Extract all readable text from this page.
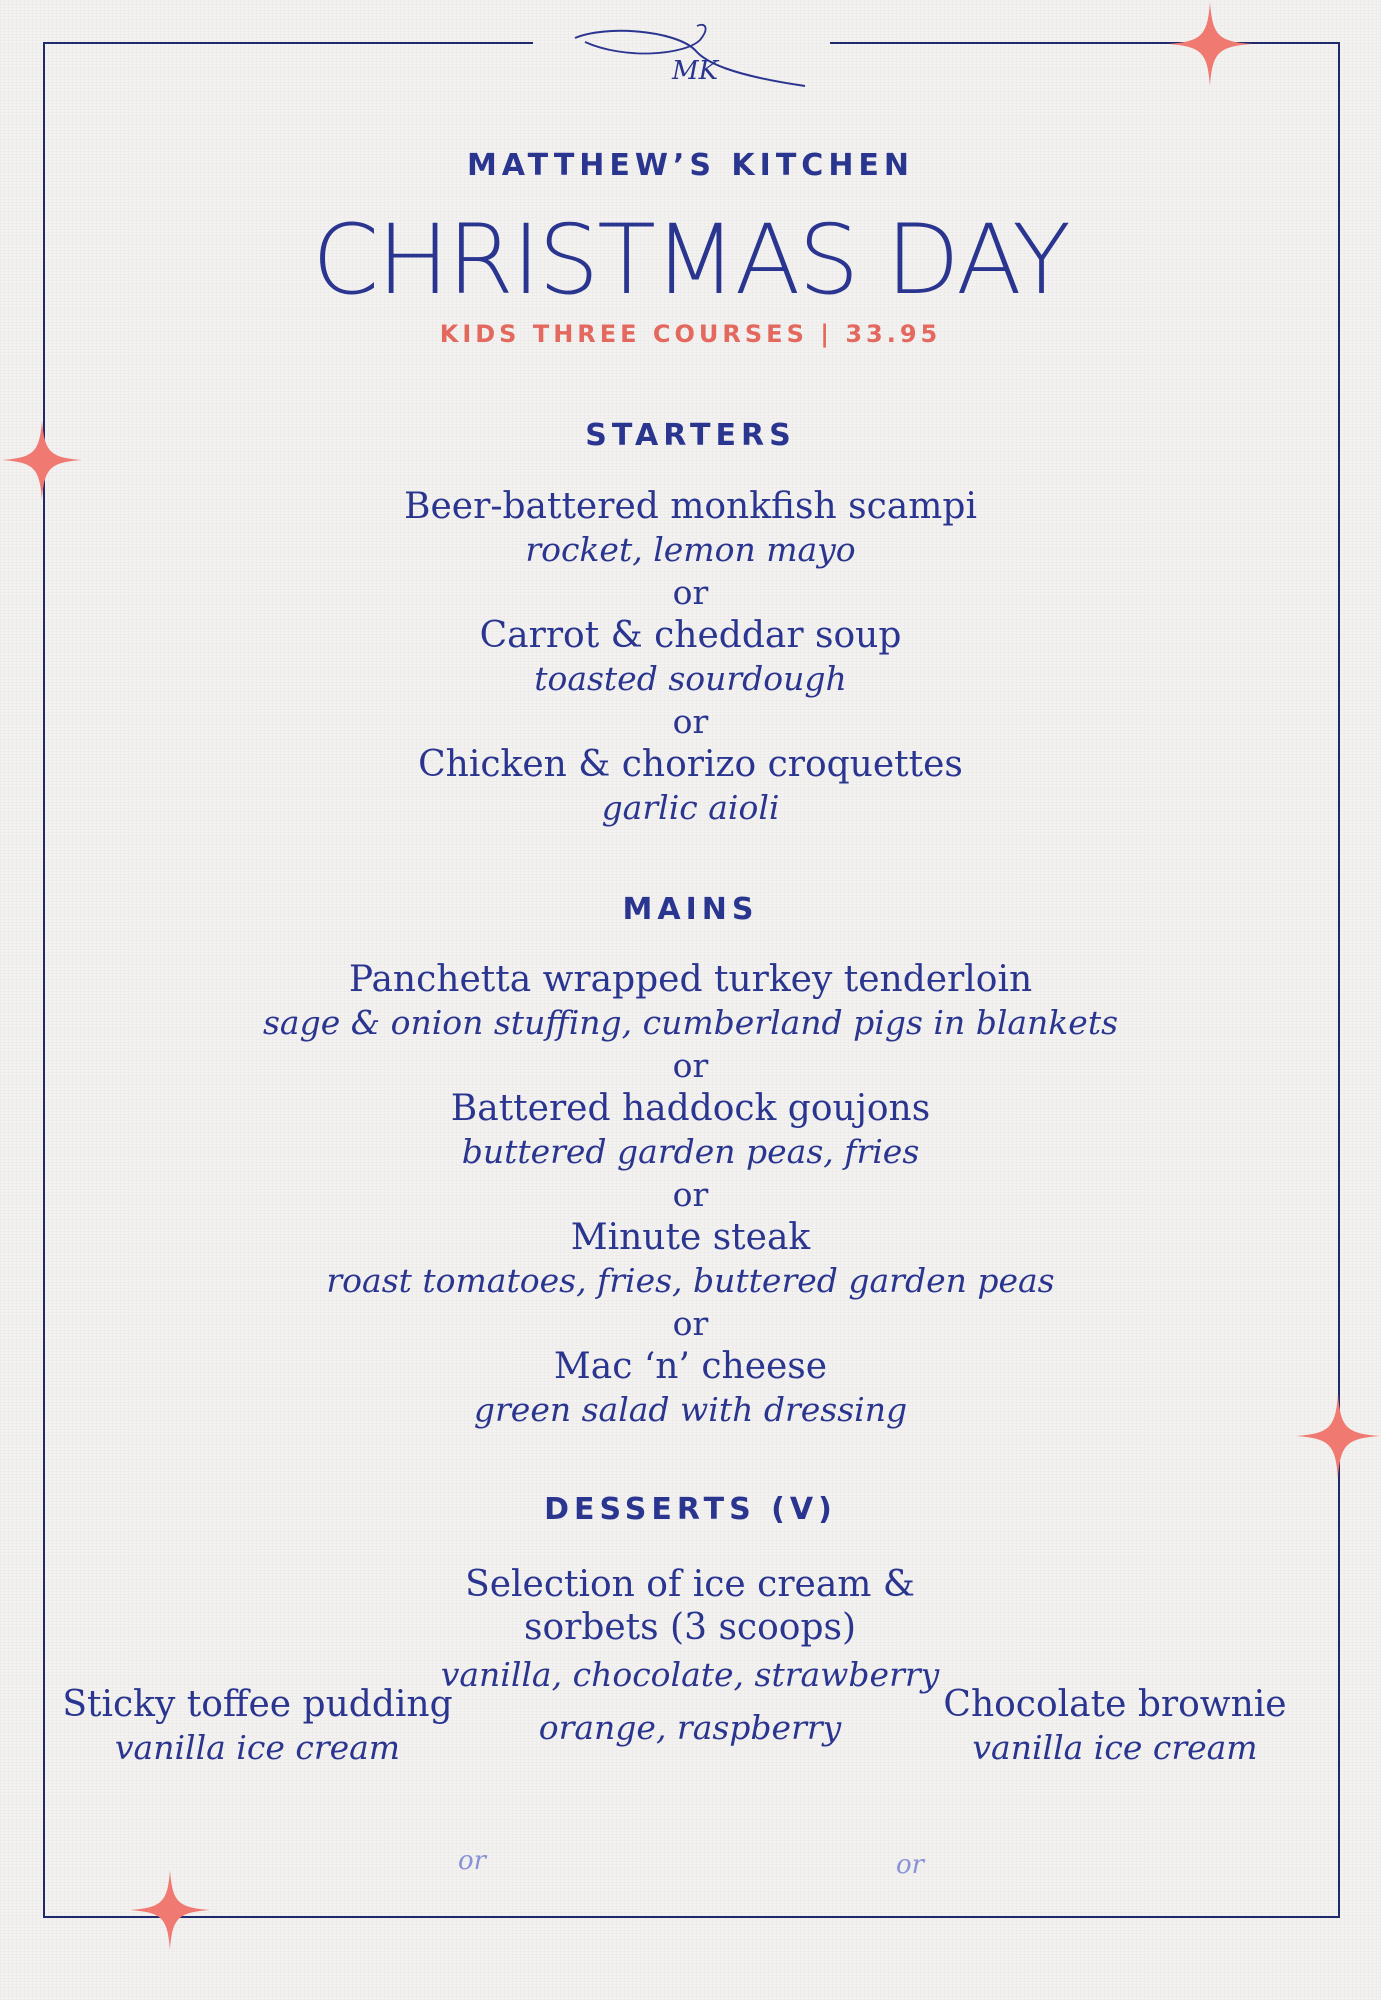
MK
MATTHEW’S KITCHEN
CHRISTMAS DAY
KIDS THREE COURSES | 33.95
STARTERS
Beer-battered monkfish scampi
rocket, lemon mayo
or
Carrot & cheddar soup
toasted sourdough
or
Chicken & chorizo croquettes
garlic aioli
MAINS
Panchetta wrapped turkey tenderloin
sage & onion stuffing, cumberland pigs in blankets
or
Battered haddock goujons
buttered garden peas, fries
or
Minute steak
roast tomatoes, fries, buttered garden peas
or
Mac ‘n’ cheese
green salad with dressing
DESSERTS (V)
Selection of ice cream &
sorbets (3 scoops)
vanilla, chocolate, strawberry
orange, raspberry
Sticky toffee pudding
vanilla ice cream
Chocolate brownie
vanilla ice cream
or	or
